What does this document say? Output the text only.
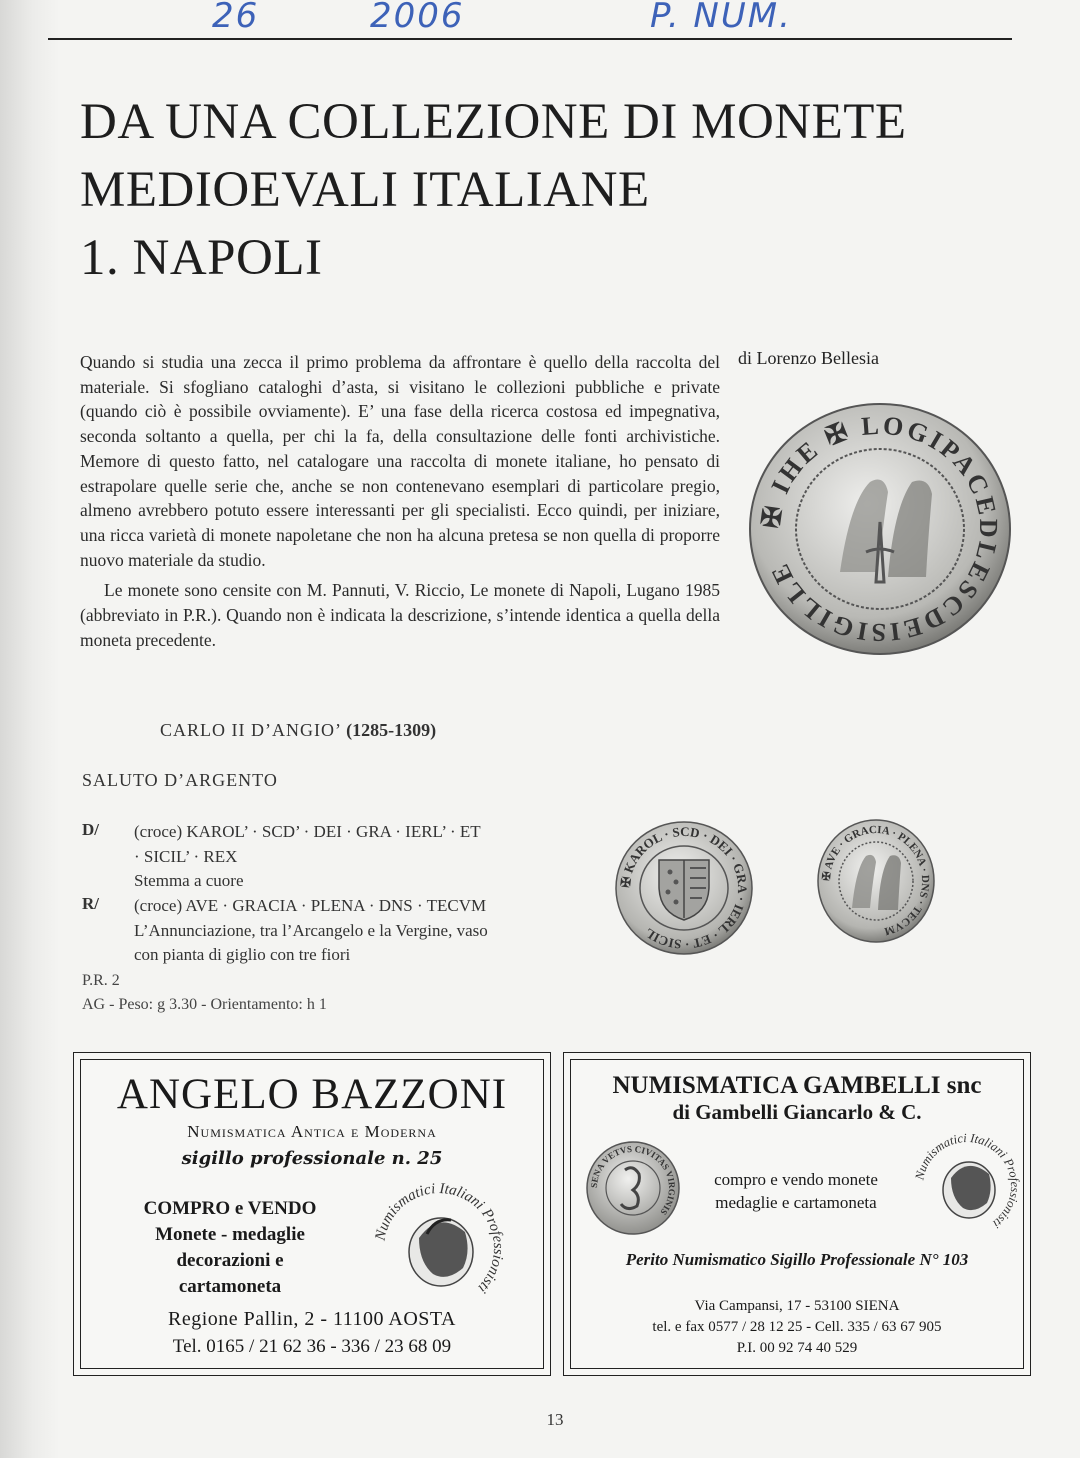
26	2006	P. NUM.
DA UNA COLLEZIONE DI MONETE
MEDIOEVALI ITALIANE
1. NAPOLI

Quando si studia una zecca il primo problema da affrontare è quello della raccolta del materiale. Si sfogliano cataloghi d’asta, si visitano le collezioni pubbliche e private (quando ciò è possibile ovviamente). E’ una fase della ricerca costosa ed impegnativa, seconda soltanto a quella, per chi la fa, della consultazione delle fonti archivistiche. Memore di questo fatto, nel catalogare una raccolta di monete italiane, ho pensato di estrapolare quelle serie che, anche se non contenevano esemplari di particolare pregio, almeno avrebbero potuto essere interessanti per gli specialisti. Ecco quindi, per iniziare, una ricca varietà di monete napoletane che non ha alcuna pretesa se non quella di proporre nuovo materiale da studio.

Le monete sono censite con M. Pannuti, V. Riccio, Le monete di Napoli, Lugano 1985 (abbreviato in P.R.). Quando non è indicata la descrizione, s’intende identica a quella della moneta precedente.

di Lorenzo Bellesia
✠ IHE ✠ LOGIPACEDLESCDEISIGILLE
CARLO II D’ANGIO’ (1285-1309)
SALUTO D’ARGENTO
D/ (croce) KAROL’ · SCD’ · DEI · GRA · IERL’ · ET
· SICIL’ · REX
Stemma a cuore
R/ (croce) AVE · GRACIA · PLENA · DNS · TECVM
L’Annunciazione, tra l’Arcangelo e la Vergine, vaso
con pianta di giglio con tre fiori
P.R. 2
AG - Peso: g 3.30 - Orientamento: h 1
✠ KAROL · SCD · DEI · GRA · IERL · ET · SICIL
✠ AVE · GRACIA · PLENA · DNS · TECVM
ANGELO BAZZONI
Numismatica Antica e Moderna
sigillo professionale n. 25
COMPRO e VENDO
Monete - medaglie
decorazioni e
cartamoneta
Numismatici Italiani Professionisti
Regione Pallin, 2 - 11100 AOSTA
Tel. 0165 / 21 62 36 - 336 / 23 68 09
NUMISMATICA GAMBELLI snc
di Gambelli Giancarlo & C.
SENA VETVS CIVITAS VIRGINIS
compro e vendo monete
medaglie e cartamoneta
Numismatici Italiani Professionisti
Perito Numismatico Sigillo Professionale N° 103
Via Campansi, 17 - 53100 SIENA
tel. e fax 0577 / 28 12 25 - Cell. 335 / 63 67 905
P.I. 00 92 74 40 529
13
